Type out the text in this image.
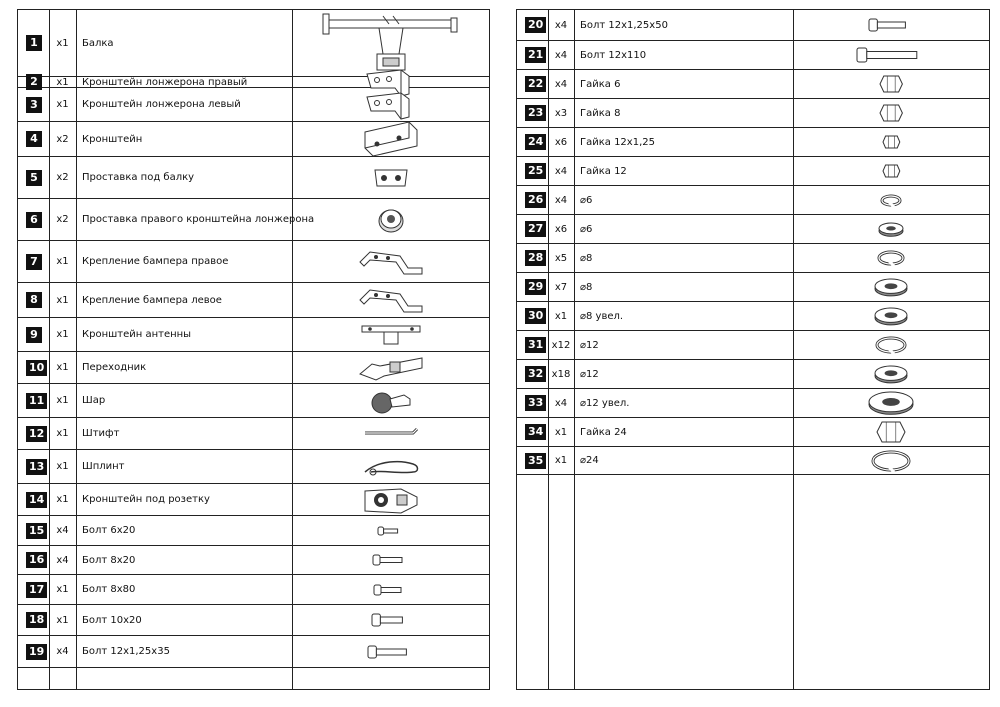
1	x1	Балка
2	x1	Кронштейн лонжерона правый
3	x1	Кронштейн лонжерона левый
4	x2	Кронштейн
5	x2	Проставка под балку
6	x2	Проставка правого кронштейна лонжерона
7	x1	Крепление бампера правое
8	x1	Крепление бампера левое
9	x1	Кронштейн антенны
10	x1	Переходник
11	x1	Шар
12	x1	Штифт
13	x1	Шплинт
14	x1	Кронштейн под розетку
15	x4	Болт 6x20
16	x4	Болт 8x20
17	x1	Болт 8x80
18	x1	Болт 10x20
19	x4	Болт 12x1,25x35
20	x4	Болт 12x1,25x50
21	x4	Болт 12x110
22	x4	Гайка 6
23	x3	Гайка 8
24	x6	Гайка 12x1,25
25	x4	Гайка 12
26	x4	⌀6
27	x6	⌀6
28	x5	⌀8
29	x7	⌀8
30	x1	⌀8 увел.
31 x12 ⌀12
32 x18 ⌀12
33	x4	⌀12 увел.
34	x1	Гайка 24
35	x1	⌀24
